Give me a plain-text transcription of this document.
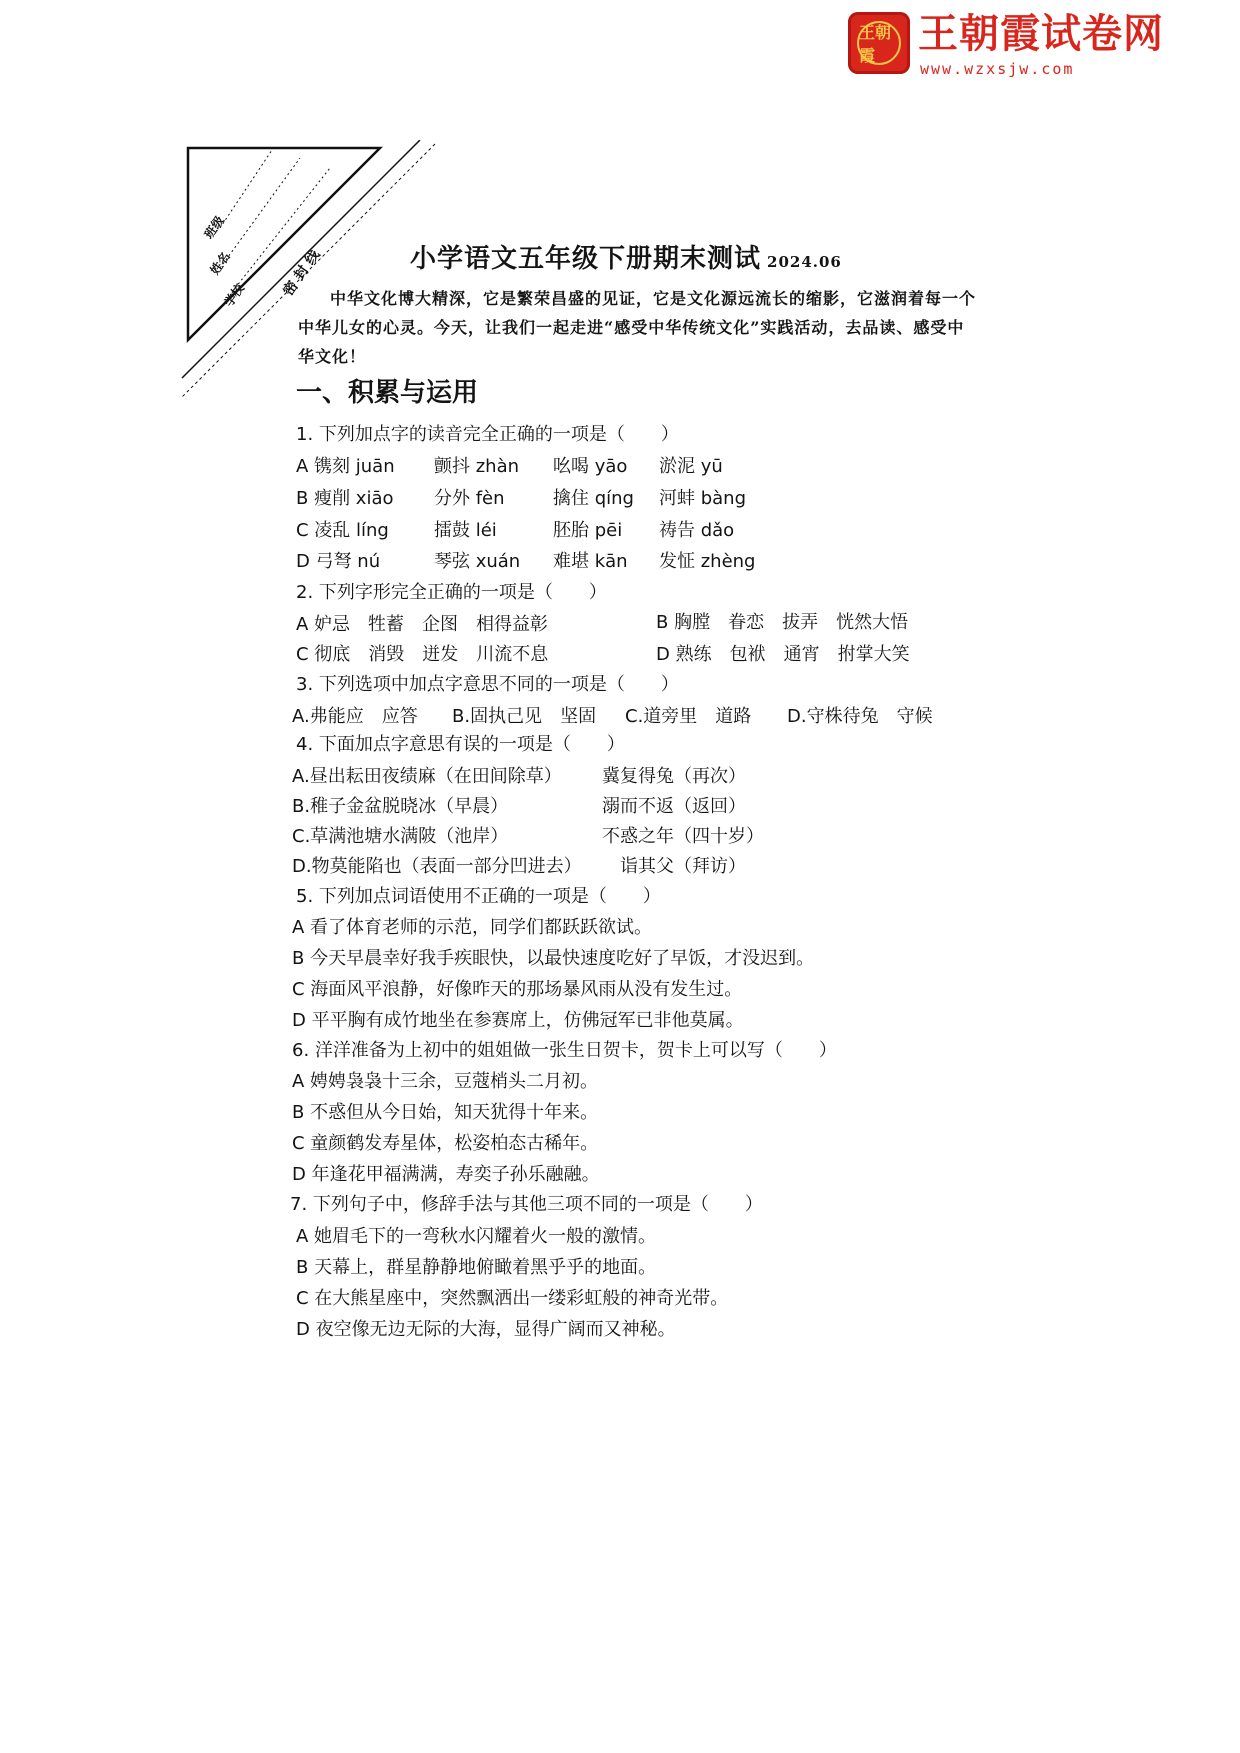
王朝霞	王朝霞试卷网
www.wzxsjw.com
班级
姓名
学校 密 封 线	小学语文五年级下册期末测试 2024.06

中华文化博大精深，它是繁荣昌盛的见证，它是文化源远流长的缩影，它滋润着每一个中华儿女的心灵。今天，让我们一起走进“感受中华传统文化”实践活动，去品读、感受中华文化！

一、积累与运用
1. 下列加点字的读音完全正确的一项是（　　）
A 镌刻 juān 颤抖 zhàn 吆喝 yāo 淤泥 yū
B 瘦削 xiāo 分外 fèn	擒住 qíng 河蚌 bàng
C 凌乱 líng	擂鼓 léi	胚胎 pēi 祷告 dǎo
D 弓弩 nú	琴弦 xuán 难堪 kān 发怔 zhèng
2. 下列字形完全正确的一项是（　　）
A 妒忌　牲蓄　企图　相得益彰	B 胸膛　眷恋　拔弄　恍然大悟
C 彻底　消毁　迸发　川流不息	D 熟练　包袱　通宵　拊掌大笑
3. 下列选项中加点字意思不同的一项是（　　）
A.弗能应　应答 B.固执己见　坚固 C.道旁里　道路 D.守株待兔　守候
4. 下面加点字意思有误的一项是（　　）
A.昼出耘田夜绩麻（在田间除草） 冀复得兔（再次）
B.稚子金盆脱晓冰（早晨）	溺而不返（返回）
C.草满池塘水满陂（池岸）	不惑之年（四十岁）
D.物莫能陷也（表面一部分凹进去） 诣其父（拜访）
5. 下列加点词语使用不正确的一项是（　　）
A 看了体育老师的示范，同学们都跃跃欲试。
B 今天早晨幸好我手疾眼快，以最快速度吃好了早饭，才没迟到。
C 海面风平浪静，好像昨天的那场暴风雨从没有发生过。
D 平平胸有成竹地坐在参赛席上，仿佛冠军已非他莫属。
6. 洋洋准备为上初中的姐姐做一张生日贺卡，贺卡上可以写（　　）
A 娉娉袅袅十三余，豆蔻梢头二月初。
B 不惑但从今日始，知天犹得十年来。
C 童颜鹤发寿星体，松姿柏态古稀年。
D 年逢花甲福满满，寿奕子孙乐融融。
7. 下列句子中，修辞手法与其他三项不同的一项是（　　）
A 她眉毛下的一弯秋水闪耀着火一般的激情。
B 天幕上，群星静静地俯瞰着黑乎乎的地面。
C 在大熊星座中，突然飘洒出一缕彩虹般的神奇光带。
D 夜空像无边无际的大海，显得广阔而又神秘。
